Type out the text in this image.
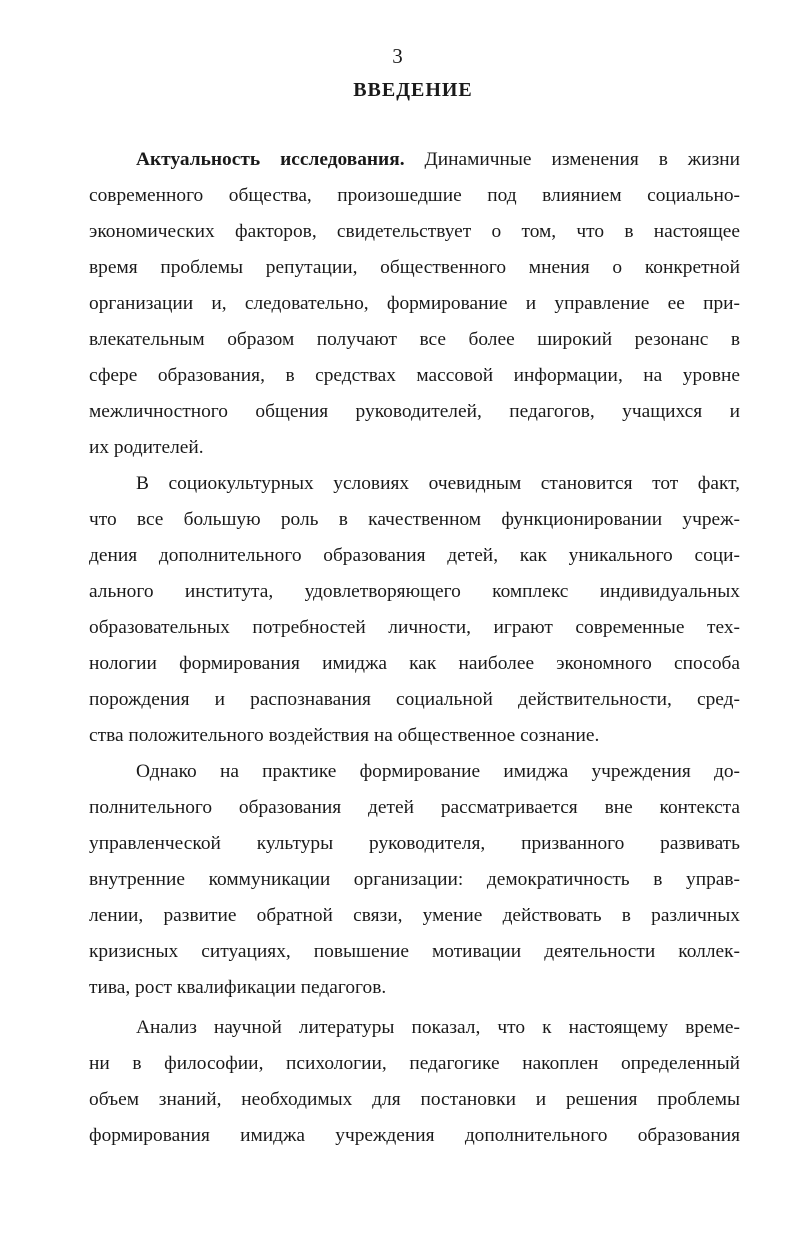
3
ВВЕДЕНИЕ
Актуальность исследования. Динамичные изменения в жизни
современного общества, произошедшие под влиянием социально-
экономических факторов, свидетельствует о том, что в настоящее
время проблемы репутации, общественного мнения о конкретной
организации и, следовательно, формирование и управление ее при-
влекательным образом получают все более широкий резонанс в
сфере образования, в средствах массовой информации, на уровне
межличностного общения руководителей, педагогов, учащихся и
их родителей.
В социокультурных условиях очевидным становится тот факт,
что все большую роль в качественном функционировании учреж-
дения дополнительного образования детей, как уникального соци-
ального института, удовлетворяющего комплекс индивидуальных
образовательных потребностей личности, играют современные тех-
нологии формирования имиджа как наиболее экономного способа
порождения и распознавания социальной действительности, сред-
ства положительного воздействия на общественное сознание.
Однако на практике формирование имиджа учреждения до-
полнительного образования детей рассматривается вне контекста
управленческой культуры руководителя, призванного развивать
внутренние коммуникации организации: демократичность в управ-
лении, развитие обратной связи, умение действовать в различных
кризисных ситуациях, повышение мотивации деятельности коллек-
тива, рост квалификации педагогов.
Анализ научной литературы показал, что к настоящему време-
ни в философии, психологии, педагогике накоплен определенный
объем знаний, необходимых для постановки и решения проблемы
формирования имиджа учреждения дополнительного образования
